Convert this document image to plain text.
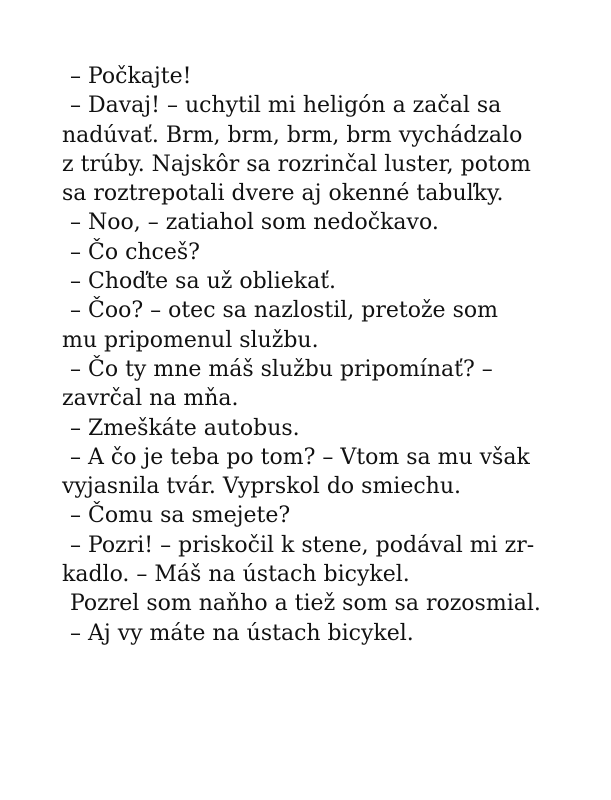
– Počkajte!

– Davaj! – uchytil mi heligón a začal sa

nadúvať. Brm, brm, brm, brm vychádzalo

z trúby. Najskôr sa rozrinčal luster, potom

sa roztrepotali dvere aj okenné tabuľky.

– Noo, – zatiahol som nedočkavo.

– Čo chceš?

– Choďte sa už obliekať.

– Čoo? – otec sa nazlostil, pretože som

mu pripomenul službu.

– Čo ty mne máš službu pripomínať? –

zavrčal na mňa.

– Zmeškáte autobus.

– A čo je teba po tom? – Vtom sa mu však

vyjasnila tvár. Vyprskol do smiechu.

– Čomu sa smejete?

– Pozri! – priskočil k stene, podával mi zr-

kadlo. – Máš na ústach bicykel.

Pozrel som naňho a tiež som sa rozosmial.

– Aj vy máte na ústach bicykel.
